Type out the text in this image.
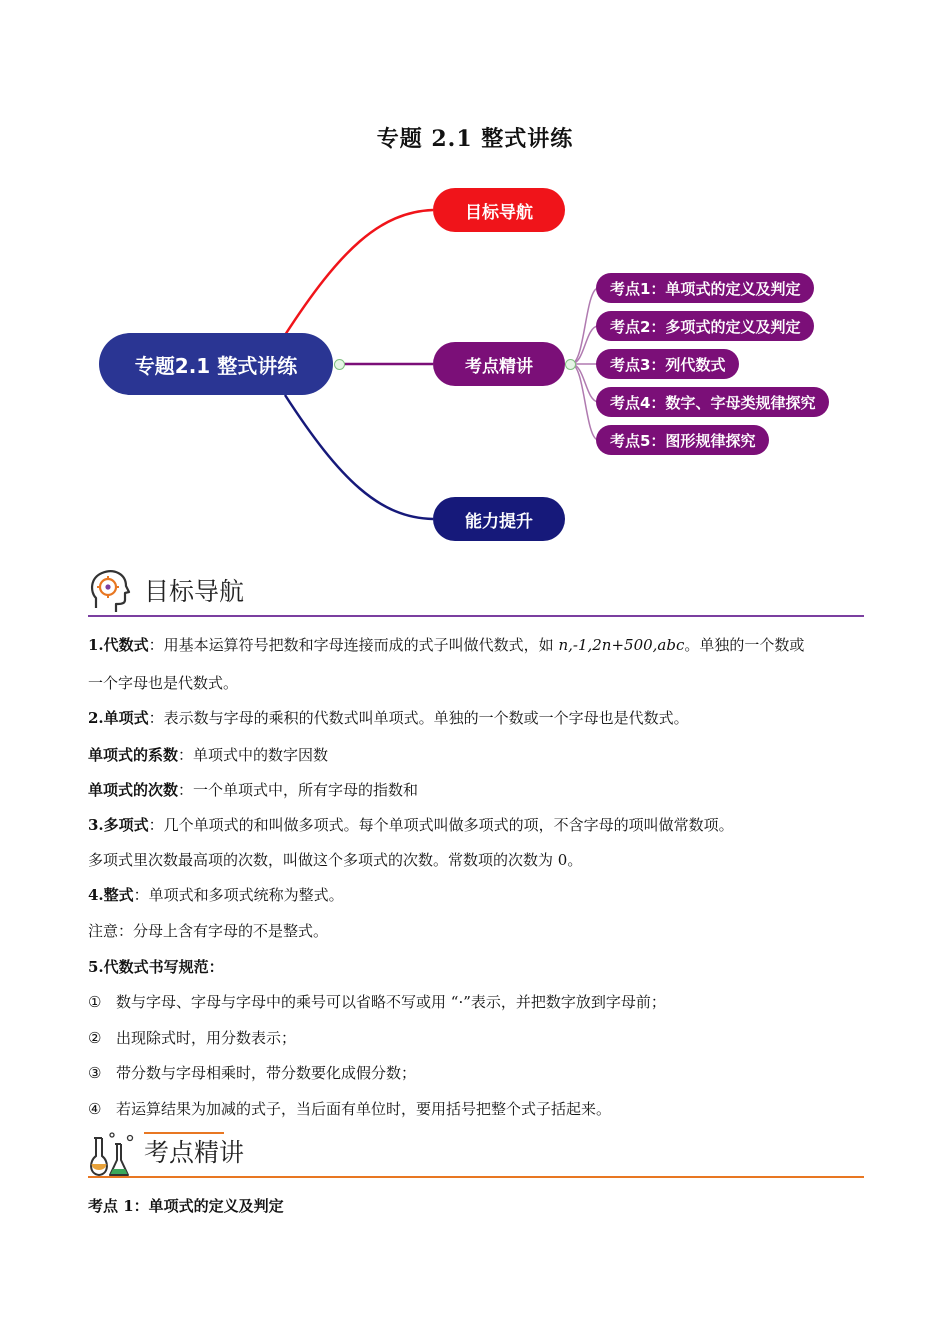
专题 2.1 整式讲练
专题2.1 整式讲练
目标导航
考点精讲
能力提升
考点1：单项式的定义及判定
考点2：多项式的定义及判定
考点3：列代数式
考点4：数字、字母类规律探究
考点5：图形规律探究
目标导航
1.代数式：用基本运算符号把数和字母连接而成的式子叫做代数式，如 n,-1,2n+500,abc。单独的一个数或
一个字母也是代数式。
2.单项式：表示数与字母的乘积的代数式叫单项式。单独的一个数或一个字母也是代数式。
单项式的系数：单项式中的数字因数
单项式的次数：一个单项式中，所有字母的指数和
3.多项式：几个单项式的和叫做多项式。每个单项式叫做多项式的项，不含字母的项叫做常数项。
多项式里次数最高项的次数，叫做这个多项式的次数。常数项的次数为 0。
4.整式：单项式和多项式统称为整式。
注意：分母上含有字母的不是整式。
5.代数式书写规范：
① 数与字母、字母与字母中的乘号可以省略不写或用 “·”表示，并把数字放到字母前；
② 出现除式时，用分数表示；
③ 带分数与字母相乘时，带分数要化成假分数；
④ 若运算结果为加减的式子，当后面有单位时，要用括号把整个式子括起来。
考点精讲
考点 1：单项式的定义及判定
